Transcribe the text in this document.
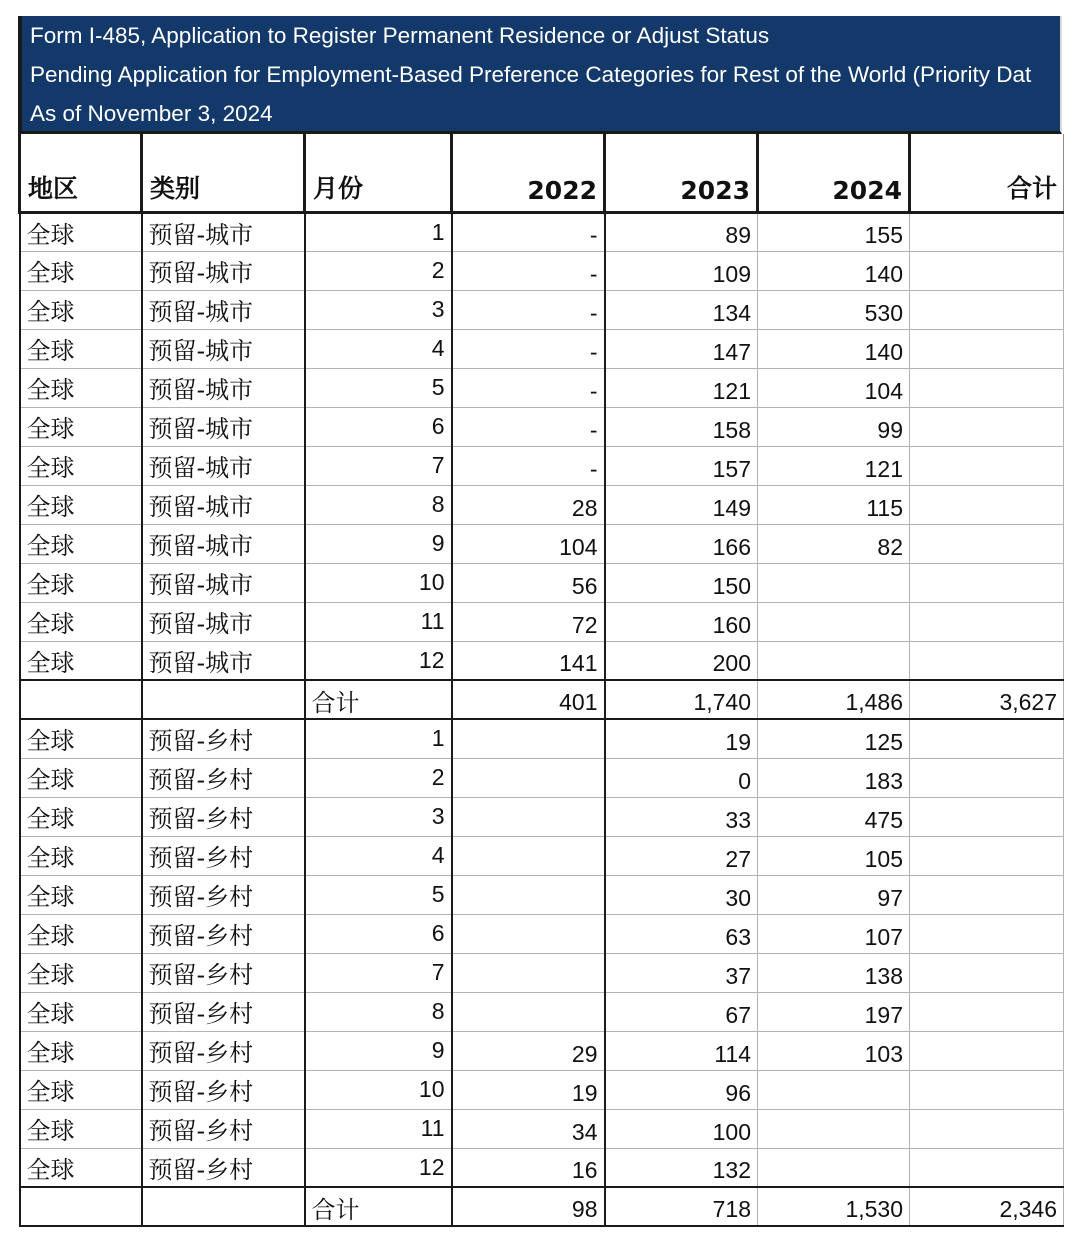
Form I-485, Application to Register Permanent Residence or Adjust Status
Pending Application for Employment-Based Preference Categories for Rest of the World (Priority Dat
As of November 3, 2024
地区	类别	月份	2022	2023	2024	合计
全球	预留-城市	1	-	89	155	
全球	预留-城市	2	-	109	140	
全球	预留-城市	3	-	134	530	
全球	预留-城市	4	-	147	140	
全球	预留-城市	5	-	121	104	
全球	预留-城市	6	-	158	99	
全球	预留-城市	7	-	157	121	
全球	预留-城市	8	28	149	115	
全球	预留-城市	9	104	166	82	
全球	预留-城市	10	56	150		
全球	预留-城市	11	72	160		
全球	预留-城市	12	141	200		
		合计	401	1,740	1,486	3,627
全球	预留-乡村	1		19	125	
全球	预留-乡村	2		0	183	
全球	预留-乡村	3		33	475	
全球	预留-乡村	4		27	105	
全球	预留-乡村	5		30	97	
全球	预留-乡村	6		63	107	
全球	预留-乡村	7		37	138	
全球	预留-乡村	8		67	197	
全球	预留-乡村	9	29	114	103	
全球	预留-乡村	10	19	96		
全球	预留-乡村	11	34	100		
全球	预留-乡村	12	16	132		
		合计	98	718	1,530	2,346
